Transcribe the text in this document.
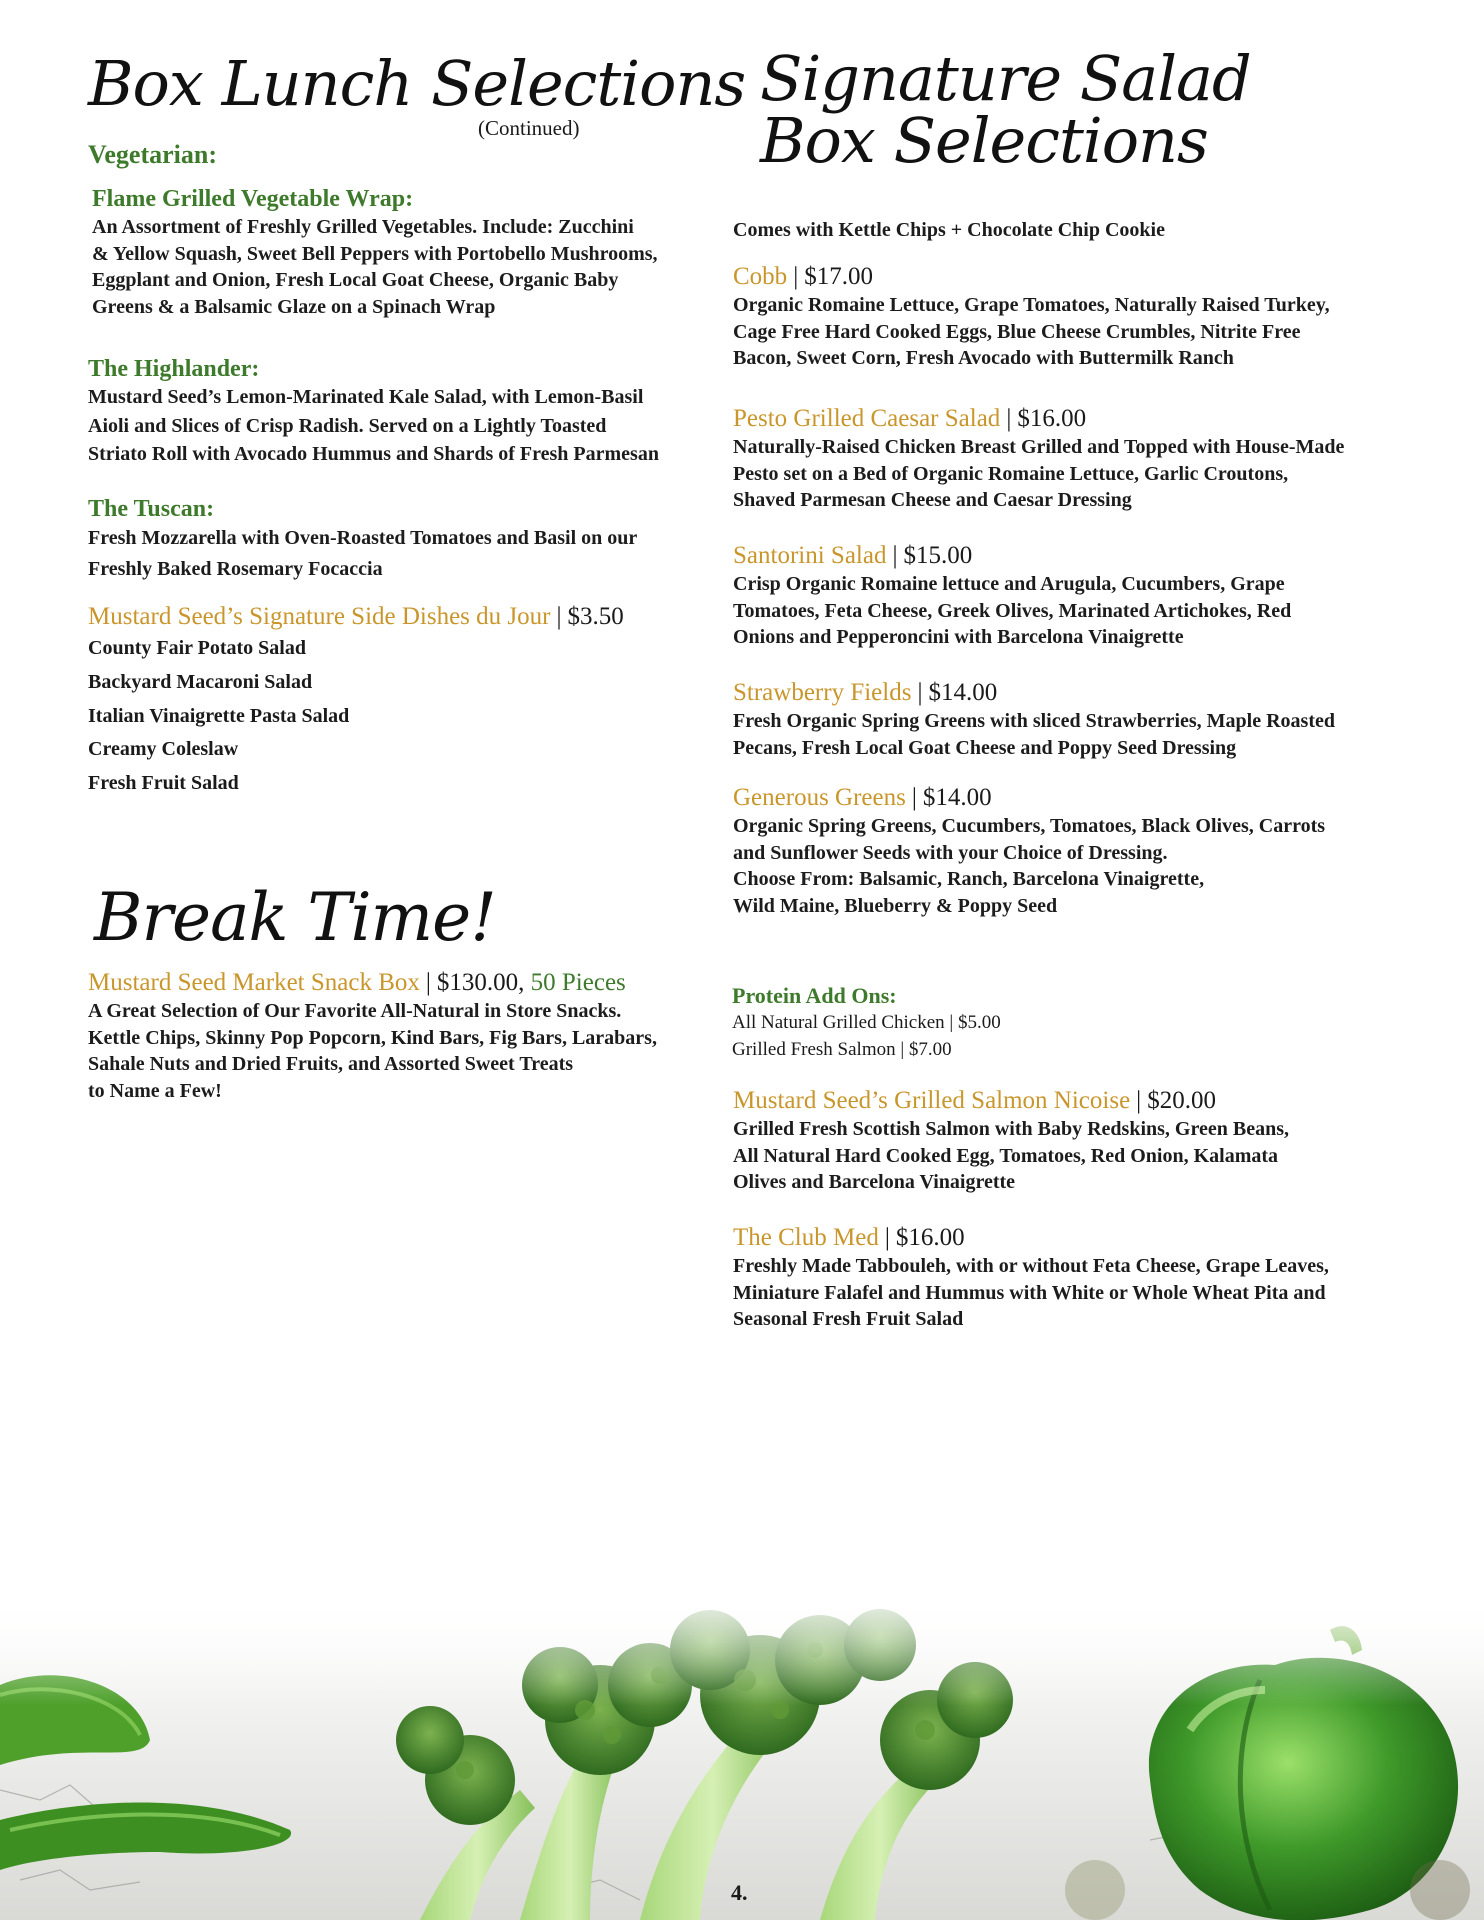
Box Lunch Selections
(Continued)
Vegetarian:
Flame Grilled Vegetable Wrap:
An Assortment of Freshly Grilled Vegetables. Include: Zucchini
& Yellow Squash, Sweet Bell Peppers with Portobello Mushrooms,
Eggplant and Onion, Fresh Local Goat Cheese, Organic Baby
Greens & a Balsamic Glaze on a Spinach Wrap
The Highlander:
Mustard Seed’s Lemon-Marinated Kale Salad, with Lemon-Basil
Aioli and Slices of Crisp Radish. Served on a Lightly Toasted
Striato Roll with Avocado Hummus and Shards of Fresh Parmesan
The Tuscan:
Fresh Mozzarella with Oven-Roasted Tomatoes and Basil on our
Freshly Baked Rosemary Focaccia
Mustard Seed’s Signature Side Dishes du Jour | $3.50
County Fair Potato Salad
Backyard Macaroni Salad
Italian Vinaigrette Pasta Salad
Creamy Coleslaw
Fresh Fruit Salad
Break Time!
Mustard Seed Market Snack Box | $130.00, 50 Pieces
A Great Selection of Our Favorite All-Natural in Store Snacks.
Kettle Chips, Skinny Pop Popcorn, Kind Bars, Fig Bars, Larabars,
Sahale Nuts and Dried Fruits, and Assorted Sweet Treats
to Name a Few!
Signature Salad
Box Selections
Comes with Kettle Chips + Chocolate Chip Cookie
Cobb | $17.00
Organic Romaine Lettuce, Grape Tomatoes, Naturally Raised Turkey,
Cage Free Hard Cooked Eggs, Blue Cheese Crumbles, Nitrite Free
Bacon, Sweet Corn, Fresh Avocado with Buttermilk Ranch
Pesto Grilled Caesar Salad | $16.00
Naturally-Raised Chicken Breast Grilled and Topped with House-Made
Pesto set on a Bed of Organic Romaine Lettuce, Garlic Croutons,
Shaved Parmesan Cheese and Caesar Dressing
Santorini Salad | $15.00
Crisp Organic Romaine lettuce and Arugula, Cucumbers, Grape
Tomatoes, Feta Cheese, Greek Olives, Marinated Artichokes, Red
Onions and Pepperoncini with Barcelona Vinaigrette
Strawberry Fields | $14.00
Fresh Organic Spring Greens with sliced Strawberries, Maple Roasted
Pecans, Fresh Local Goat Cheese and Poppy Seed Dressing
Generous Greens | $14.00
Organic Spring Greens, Cucumbers, Tomatoes, Black Olives, Carrots
and Sunflower Seeds with your Choice of Dressing.
Choose From: Balsamic, Ranch, Barcelona Vinaigrette,
Wild Maine, Blueberry & Poppy Seed
Protein Add Ons:
All Natural Grilled Chicken | $5.00
Grilled Fresh Salmon | $7.00
Mustard Seed’s Grilled Salmon Nicoise | $20.00
Grilled Fresh Scottish Salmon with Baby Redskins, Green Beans,
All Natural Hard Cooked Egg, Tomatoes, Red Onion, Kalamata
Olives and Barcelona Vinaigrette
The Club Med | $16.00
Freshly Made Tabbouleh, with or without Feta Cheese, Grape Leaves,
Miniature Falafel and Hummus with White or Whole Wheat Pita and
Seasonal Fresh Fruit Salad
4.
